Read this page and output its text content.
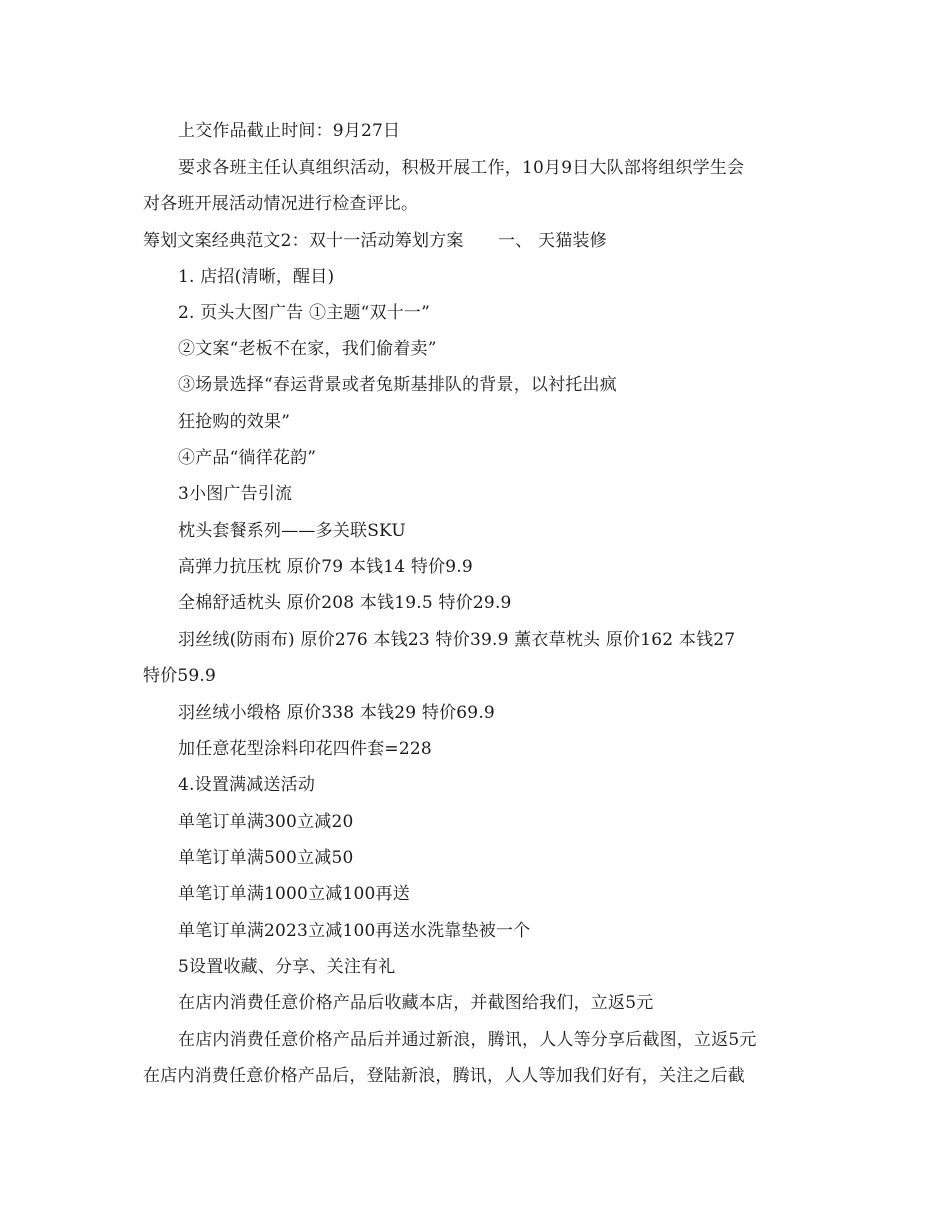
上交作品截止时间：9月27日
要求各班主任认真组织活动，积极开展工作，10月9日大队部将组织学生会
对各班开展活动情况进行检查评比。
筹划文案经典范文2：双十一活动筹划方案　　一、 天猫装修
1. 店招(清晰，醒目)
2. 页头大图广告 ①主题“双十一”
②文案“老板不在家，我们偷着卖”
③场景选择“春运背景或者兔斯基排队的背景，以衬托出疯
狂抢购的效果”
④产品“徜徉花韵”
3小图广告引流
枕头套餐系列——多关联SKU
高弹力抗压枕 原价79 本钱14 特价9.9
全棉舒适枕头 原价208 本钱19.5 特价29.9
羽丝绒(防雨布) 原价276 本钱23 特价39.9 薰衣草枕头 原价162 本钱27
特价59.9
羽丝绒小缎格 原价338 本钱29 特价69.9
加任意花型涂料印花四件套=228
4.设置满减送活动
单笔订单满300立减20
单笔订单满500立减50
单笔订单满1000立减100再送
单笔订单满2023立减100再送水洗靠垫被一个
5设置收藏、分享、关注有礼
在店内消费任意价格产品后收藏本店，并截图给我们，立返5元
在店内消费任意价格产品后并通过新浪，腾讯，人人等分享后截图，立返5元
在店内消费任意价格产品后，登陆新浪，腾讯，人人等加我们好有，关注之后截
